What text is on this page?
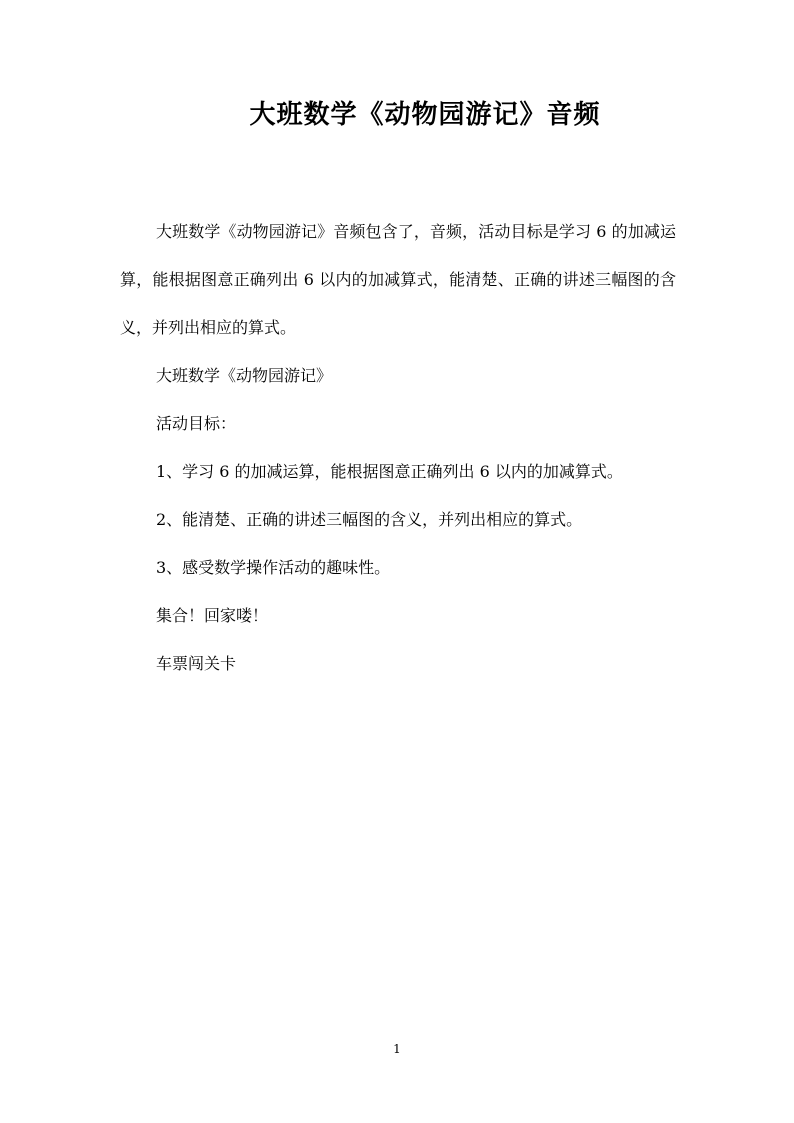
大班数学《动物园游记》音频

大班数学《动物园游记》音频包含了，音频，活动目标是学习 6 的加减运算，能根据图意正确列出 6 以内的加减算式，能清楚、正确的讲述三幅图的含义，并列出相应的算式。

大班数学《动物园游记》

活动目标：

1、学习 6 的加减运算，能根据图意正确列出 6 以内的加减算式。

2、能清楚、正确的讲述三幅图的含义，并列出相应的算式。

3、感受数学操作活动的趣味性。

集合！回家喽！

车票闯关卡

1
